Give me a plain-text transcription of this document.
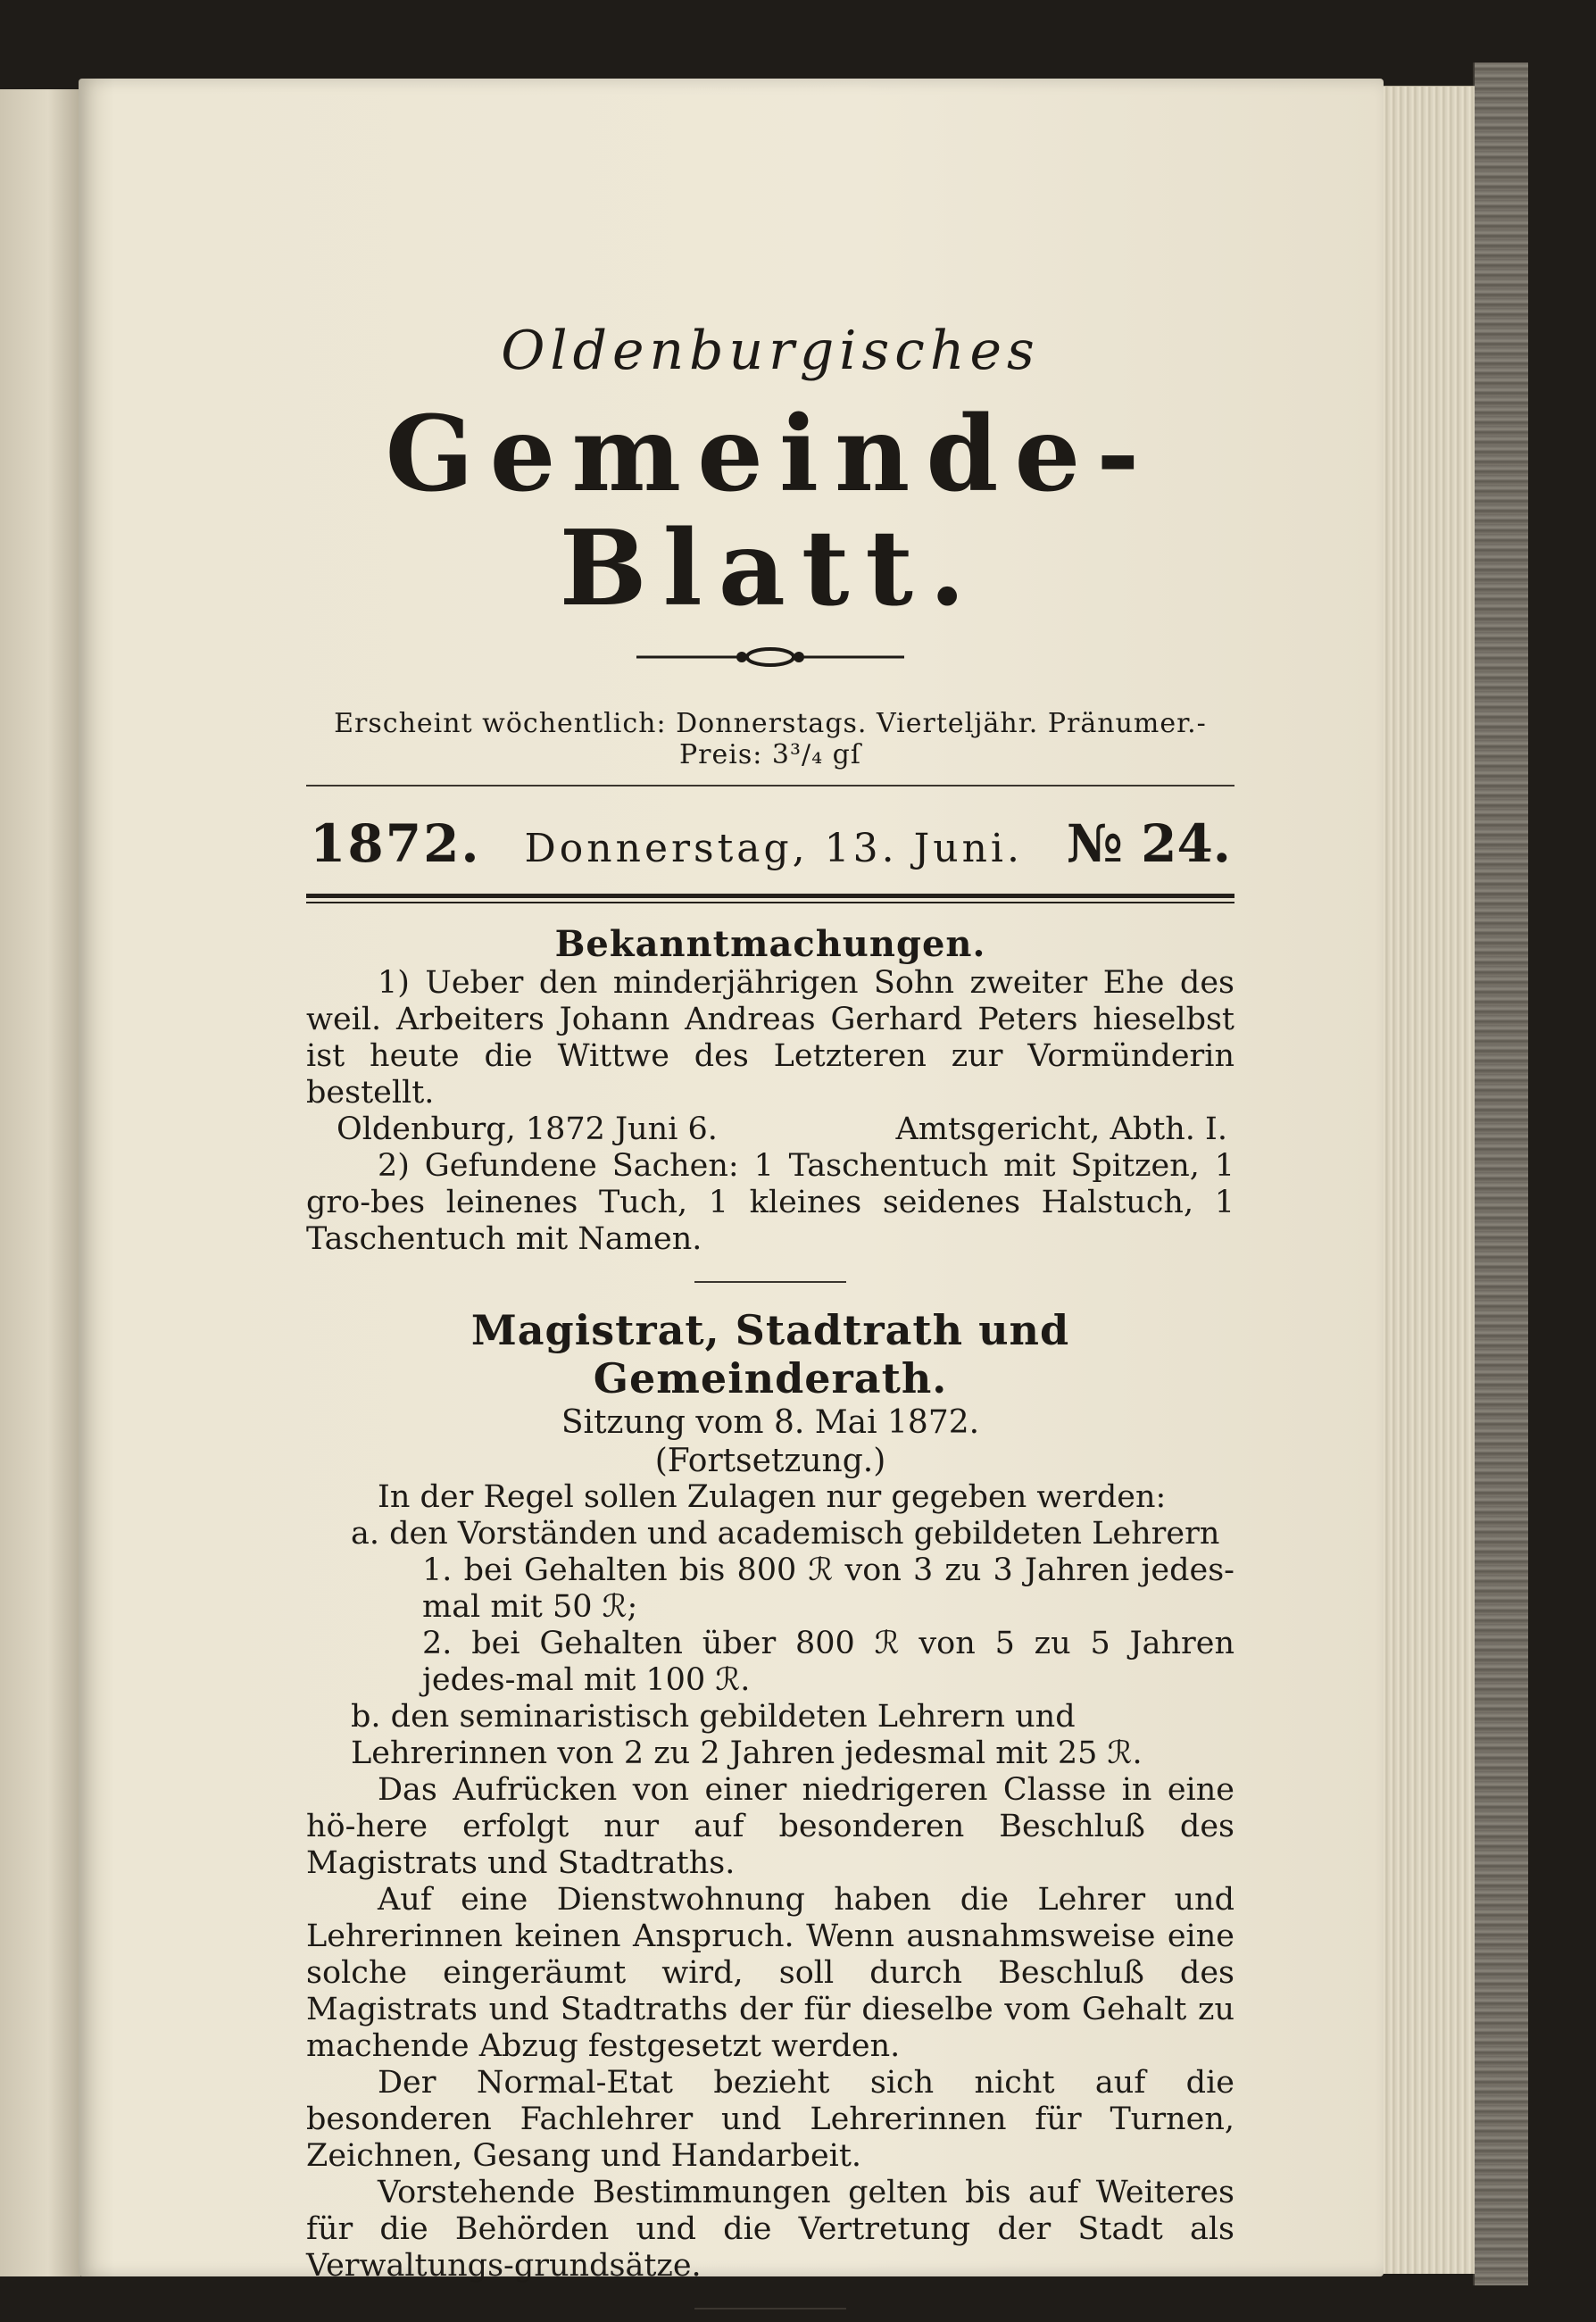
Oldenburgisches
Gemeinde-Blatt.
Erscheint wöchentlich: Donnerstags. Vierteljähr. Pränumer.-Preis: 3³/₄ gſ
1872. Donnerstag, 13. Juni. № 24.
Bekanntmachungen.

1) Ueber den minderjährigen Sohn zweiter Ehe des weil. Arbeiters Johann Andreas Gerhard Peters hieselbst ist heute die Wittwe des Letzteren zur Vormünderin bestellt.

Oldenburg, 1872 Juni 6.	Amtsgericht, Abth. I.

2) Gefundene Sachen: 1 Taschentuch mit Spitzen, 1 gro-bes leinenes Tuch, 1 kleines seidenes Halstuch, 1 Taschentuch mit Namen.

Magistrat, Stadtrath und Gemeinderath.
Sitzung vom 8. Mai 1872.
(Fortsetzung.)

In der Regel sollen Zulagen nur gegeben werden:

a. den Vorständen und academisch gebildeten Lehrern
1. bei Gehalten bis 800 ℛ von 3 zu 3 Jahren jedes-mal mit 50 ℛ;
2. bei Gehalten über 800 ℛ von 5 zu 5 Jahren jedes-mal mit 100 ℛ.
b. den seminaristisch gebildeten Lehrern und Lehrerinnen von 2 zu 2 Jahren jedesmal mit 25 ℛ.

Das Aufrücken von einer niedrigeren Classe in eine hö-here erfolgt nur auf besonderen Beschluß des Magistrats und Stadtraths.

Auf eine Dienstwohnung haben die Lehrer und Lehrerinnen keinen Anspruch. Wenn ausnahmsweise eine solche eingeräumt wird, soll durch Beschluß des Magistrats und Stadtraths der für dieselbe vom Gehalt zu machende Abzug festgesetzt werden.

Der Normal-Etat bezieht sich nicht auf die besonderen Fachlehrer und Lehrerinnen für Turnen, Zeichnen, Gesang und Handarbeit.

Vorstehende Bestimmungen gelten bis auf Weiteres für die Behörden und die Vertretung der Stadt als Verwaltungs-grundsätze.
